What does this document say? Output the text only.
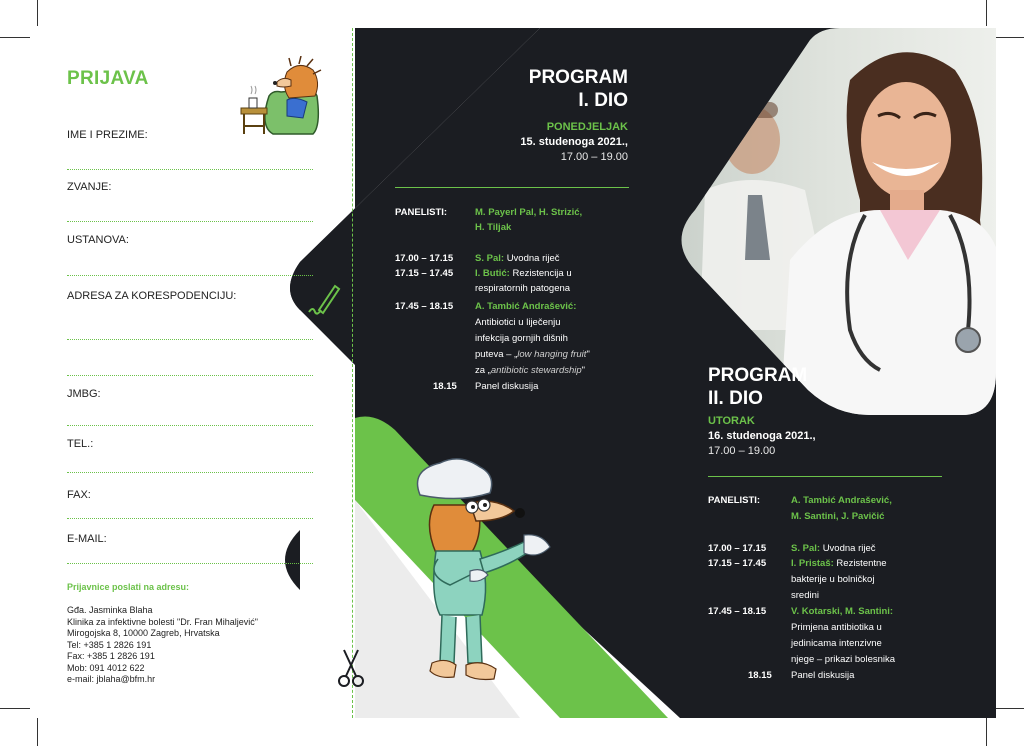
PRIJAVA
IME I PREZIME:
ZVANJE:
USTANOVA:
ADRESA ZA KORESPODENCIJU:
JMBG:
TEL.:
FAX:
E-MAIL:
Prijavnice poslati na adresu:
Gđa. Jasminka Blaha
Klinika za infektivne bolesti "Dr. Fran Mihaljević"
Mirogojska 8, 10000 Zagreb, Hrvatska
Tel: +385 1 2826 191
Fax: +385 1 2826 191
Mob: 091 4012 622
e-mail: jblaha@bfm.hr
PROGRAM
I. DIO
PONEDJELJAK
15. studenoga 2021.,
17.00 – 19.00
PANELISTI:	M. Payerl Pal, H. Strizić,
H. Tiljak
17.00 – 17.15 S. Pal: Uvodna riječ
17.15 – 17.45 I. Butić: Rezistencija u
respiratornih patogena
17.45 – 18.15 A. Tambić Andrašević:
Antibiotici u liječenju
infekcija gornjih dišnih
puteva – „low hanging fruit"
za „antibiotic stewardship"
18.15 Panel diskusija
PROGRAM
II. DIO
UTORAK
16. studenoga 2021.,
17.00 – 19.00
PANELISTI:	A. Tambić Andrašević,
M. Santini, J. Pavičić
17.00 – 17.15	S. Pal: Uvodna riječ
17.15 – 17.45	I. Pristaš: Rezistentne
bakterije u bolničkoj
sredini
17.45 – 18.15	V. Kotarski, M. Santini:
Primjena antibiotika u
jedinicama intenzivne
njege – prikazi bolesnika
18.15 Panel diskusija
